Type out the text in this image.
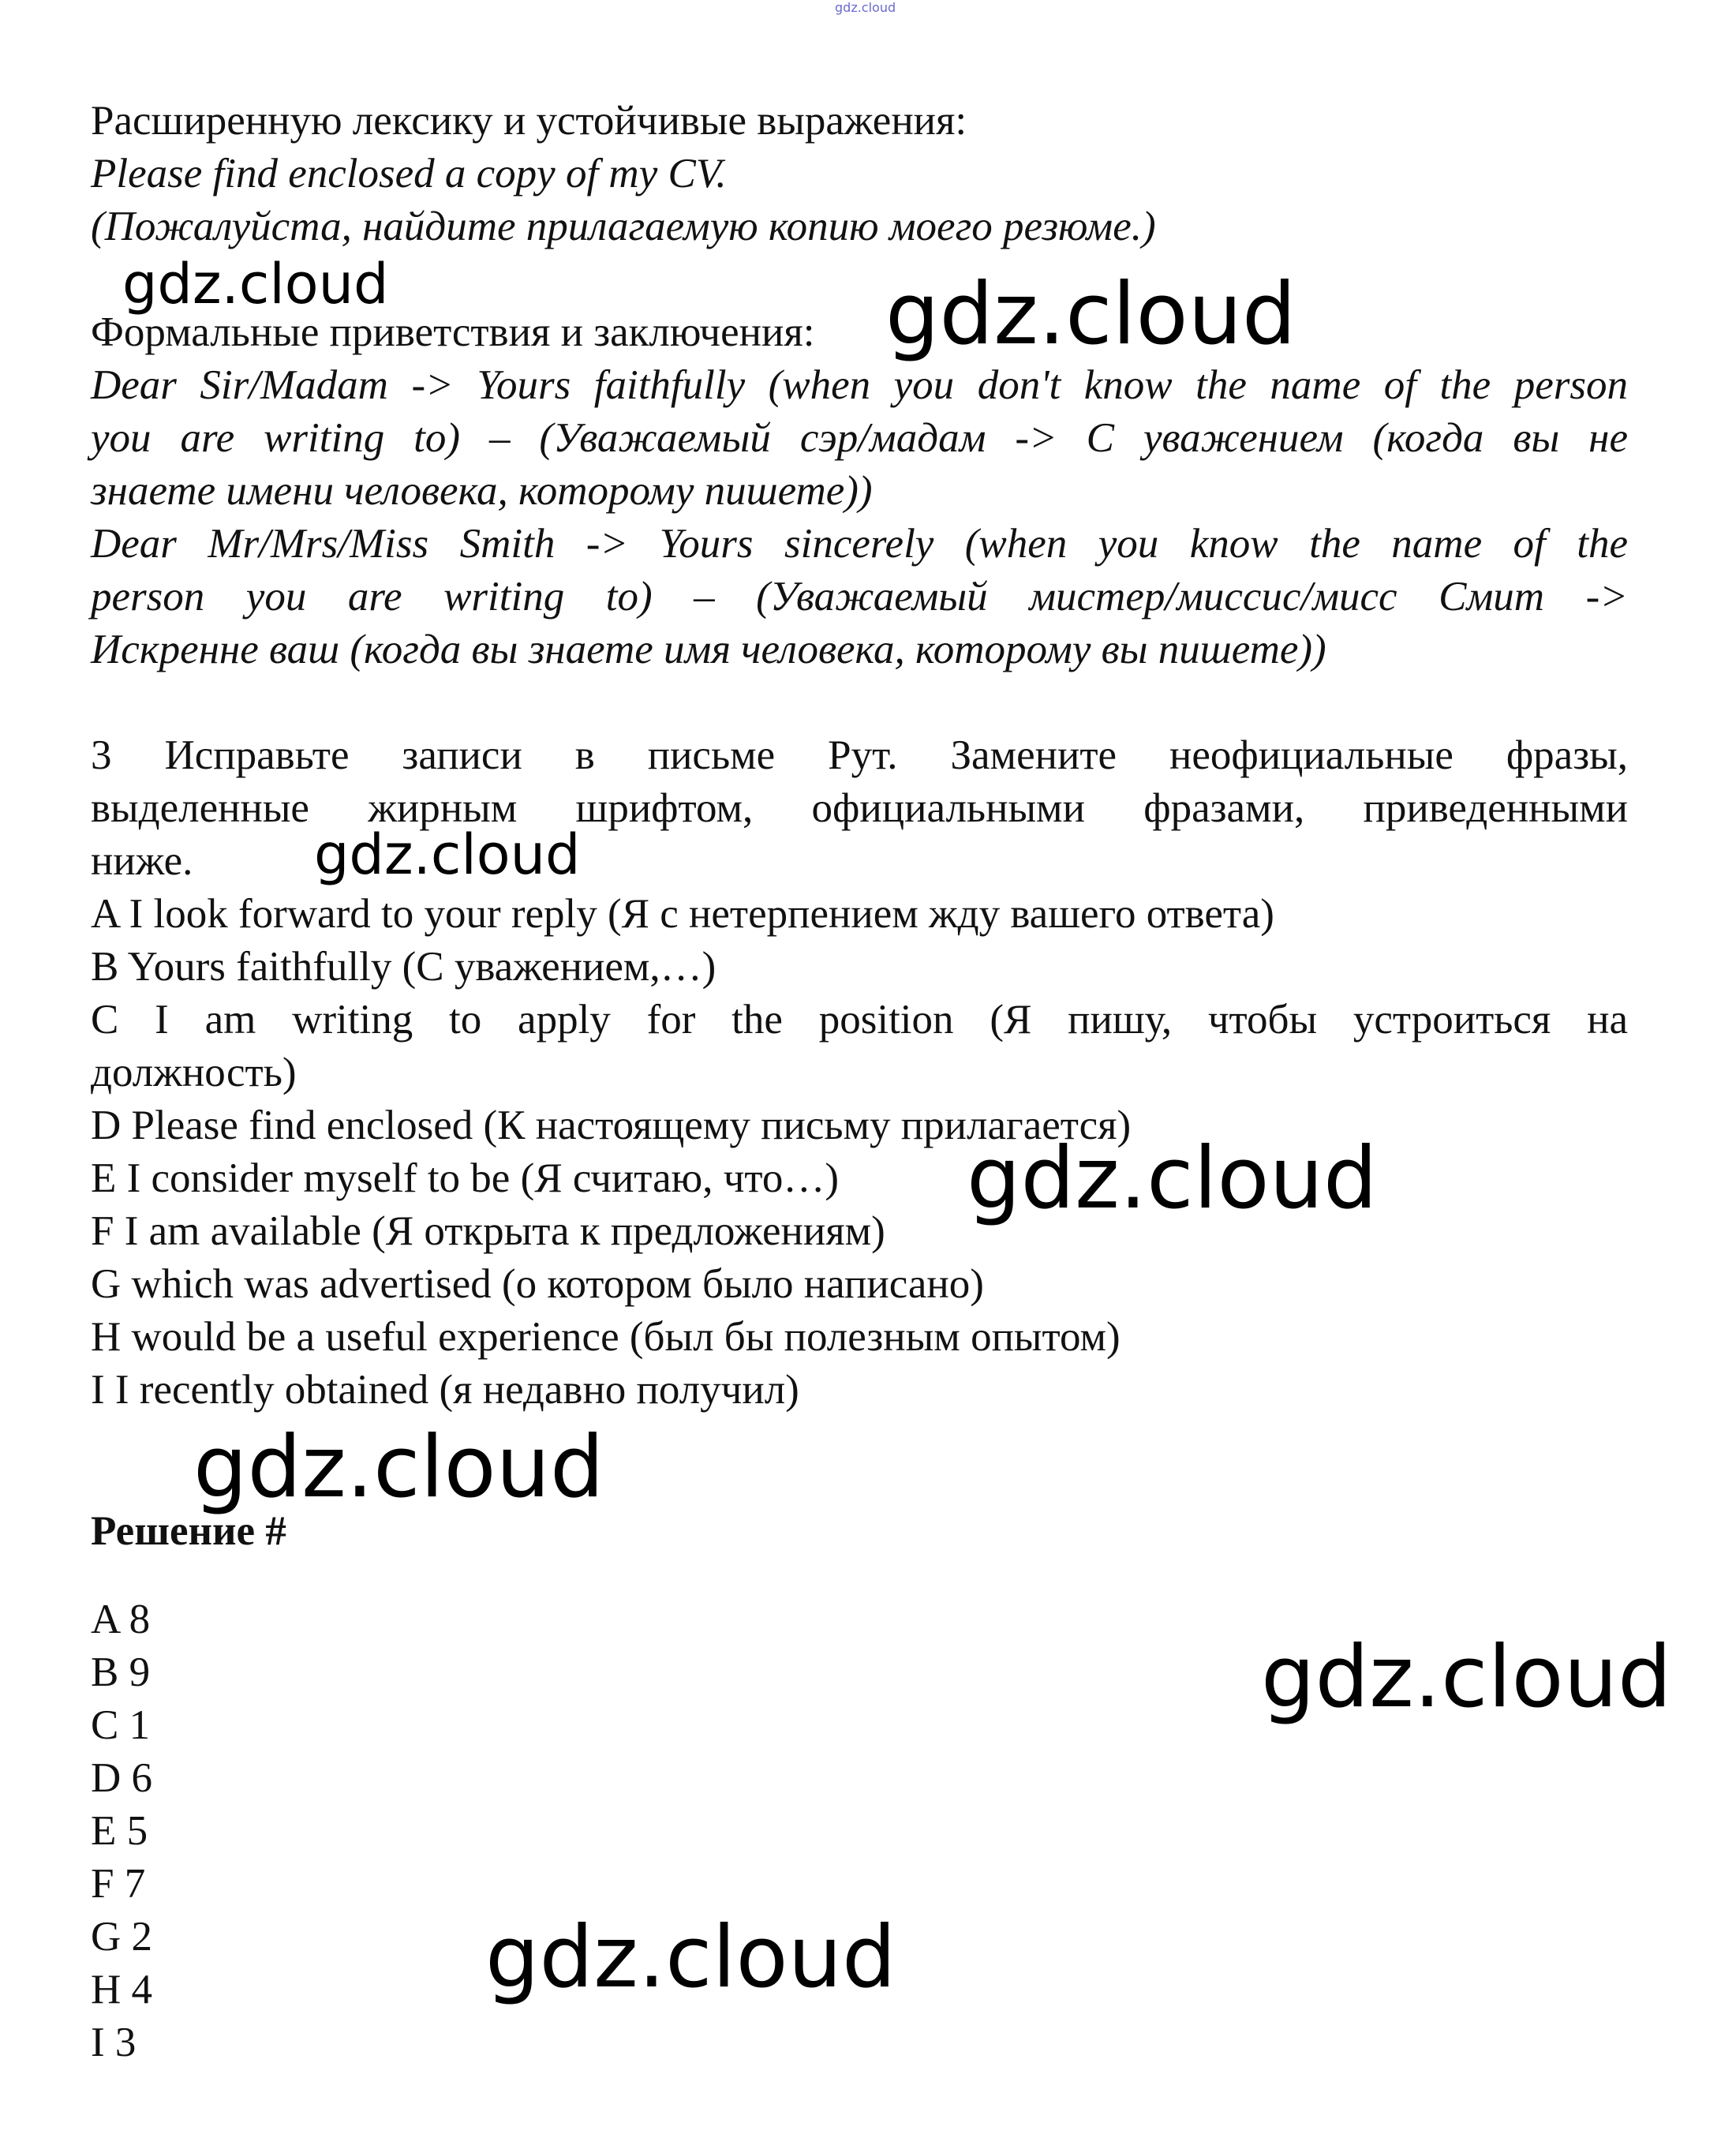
gdz.cloud
Расширенную лексику и устойчивые выражения:
Please find enclosed a copy of my CV.
(Пожалуйста, найдите прилагаемую копию моего резюме.)
Формальные приветствия и заключения:
Dear Sir/Madam -> Yours faithfully (when you don't know the name of the person
you are writing to) – (Уважаемый сэр/мадам -> С уважением (когда вы не
знаете имени человека, которому пишете))
Dear Mr/Mrs/Miss Smith -> Yours sincerely (when you know the name of the
person you are writing to) – (Уважаемый мистер/миссис/мисс Смит ->
Искренне ваш (когда вы знаете имя человека, которому вы пишете))
3 Исправьте записи в письме Рут. Замените неофициальные фразы,
выделенные жирным шрифтом, официальными фразами, приведенными
ниже.
A I look forward to your reply (Я с нетерпением жду вашего ответа)
B Yours faithfully (С уважением,…)
C I am writing to apply for the position (Я пишу, чтобы устроиться на
должность)
D Please find enclosed (К настоящему письму прилагается)
E I consider myself to be (Я считаю, что…)
F I am available (Я открыта к предложениям)
G which was advertised (о котором было написано)
H would be a useful experience (был бы полезным опытом)
I I recently obtained (я недавно получил)
Решение #
A 8
B 9
C 1
D 6
E 5
F 7
G 2
H 4
I 3
gdz.cloud	gdz.cloud
gdz.cloud
gdz.cloud
gdz.cloud
gdz.cloud
gdz.cloud
